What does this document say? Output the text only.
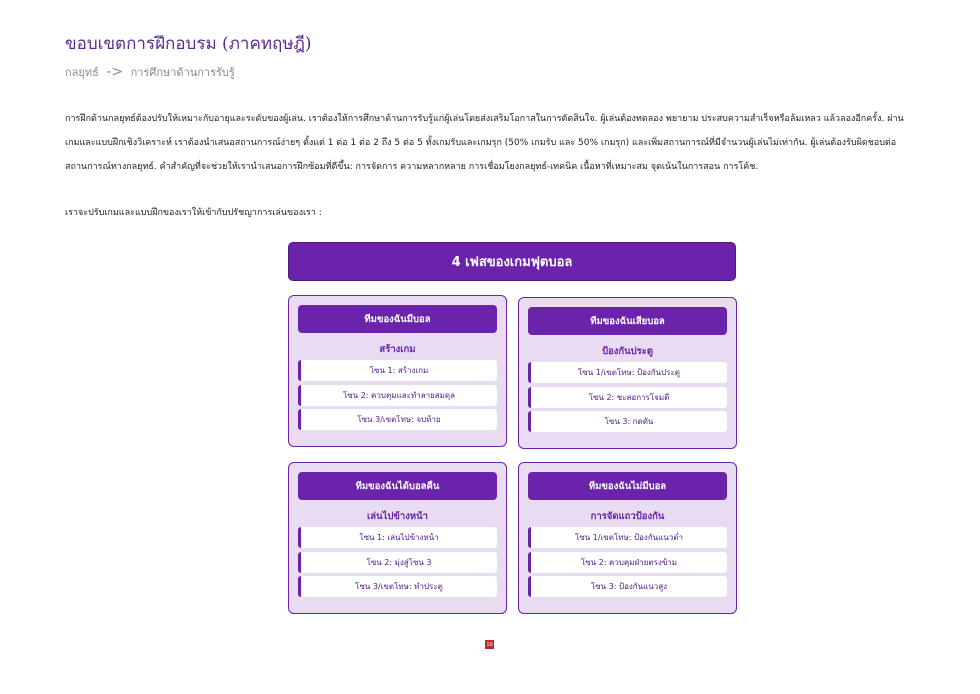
ขอบเขตการฝึกอบรม (ภาคทฤษฎี)
กลยุทธ์ -> การศึกษาด้านการรับรู้

การฝึกด้านกลยุทธ์ต้องปรับให้เหมาะกับอายุและระดับของผู้เล่น. เราต้องให้การศึกษาด้านการรับรู้แก่ผู้เล่นโดยส่งเสริมโอกาสในการตัดสินใจ. ผู้เล่นต้องทดลอง พยายาม ประสบความสำเร็จหรือล้มเหลว แล้วลองอีกครั้ง. ผ่านเกมและแบบฝึกเชิงวิเคราะห์ เราต้องนำเสนอสถานการณ์ง่ายๆ ตั้งแต่ 1 ต่อ 1 ต่อ 2 ถึง 5 ต่อ 5 ทั้งเกมรับและเกมรุก (50% เกมรับ และ 50% เกมรุก) และเพิ่มสถานการณ์ที่มีจำนวนผู้เล่นไม่เท่ากัน. ผู้เล่นต้องรับผิดชอบต่อสถานการณ์ทางกลยุทธ์. คำสำคัญที่จะช่วยให้เรานำเสนอการฝึกซ้อมที่ดีขึ้น: การจัดการ ความหลากหลาย การเชื่อมโยงกลยุทธ์-เทคนิค เนื้อหาที่เหมาะสม จุดเน้นในการสอน การโค้ช.

เราจะปรับเกมและแบบฝึกของเราให้เข้ากับปรัชญาการเล่นของเรา :

4 เฟสของเกมฟุตบอล
ทีมของฉันมีบอล
สร้างเกม
โซน 1: สร้างเกม
โซน 2: ควบคุมและทำลายสมดุล
โซน 3/เขตโทษ: จบท้าย
ทีมของฉันเสียบอล
ป้องกันประตู
โซน 1/เขตโทษ: ป้องกันประตู
โซน 2: ชะลอการโจมตี
โซน 3: กดดัน
ทีมของฉันได้บอลคืน
เล่นไปข้างหน้า
โซน 1: เล่นไปข้างหน้า
โซน 2: มุ่งสู่โซน 3
โซน 3/เขตโทษ: ทำประตู
ทีมของฉันไม่มีบอล
การจัดแถวป้องกัน
โซน 1/เขตโทษ: ป้องกันแนวต่ำ
โซน 2: ควบคุมฝ่ายตรงข้าม
โซน 3: ป้องกันแนวสูง
10
